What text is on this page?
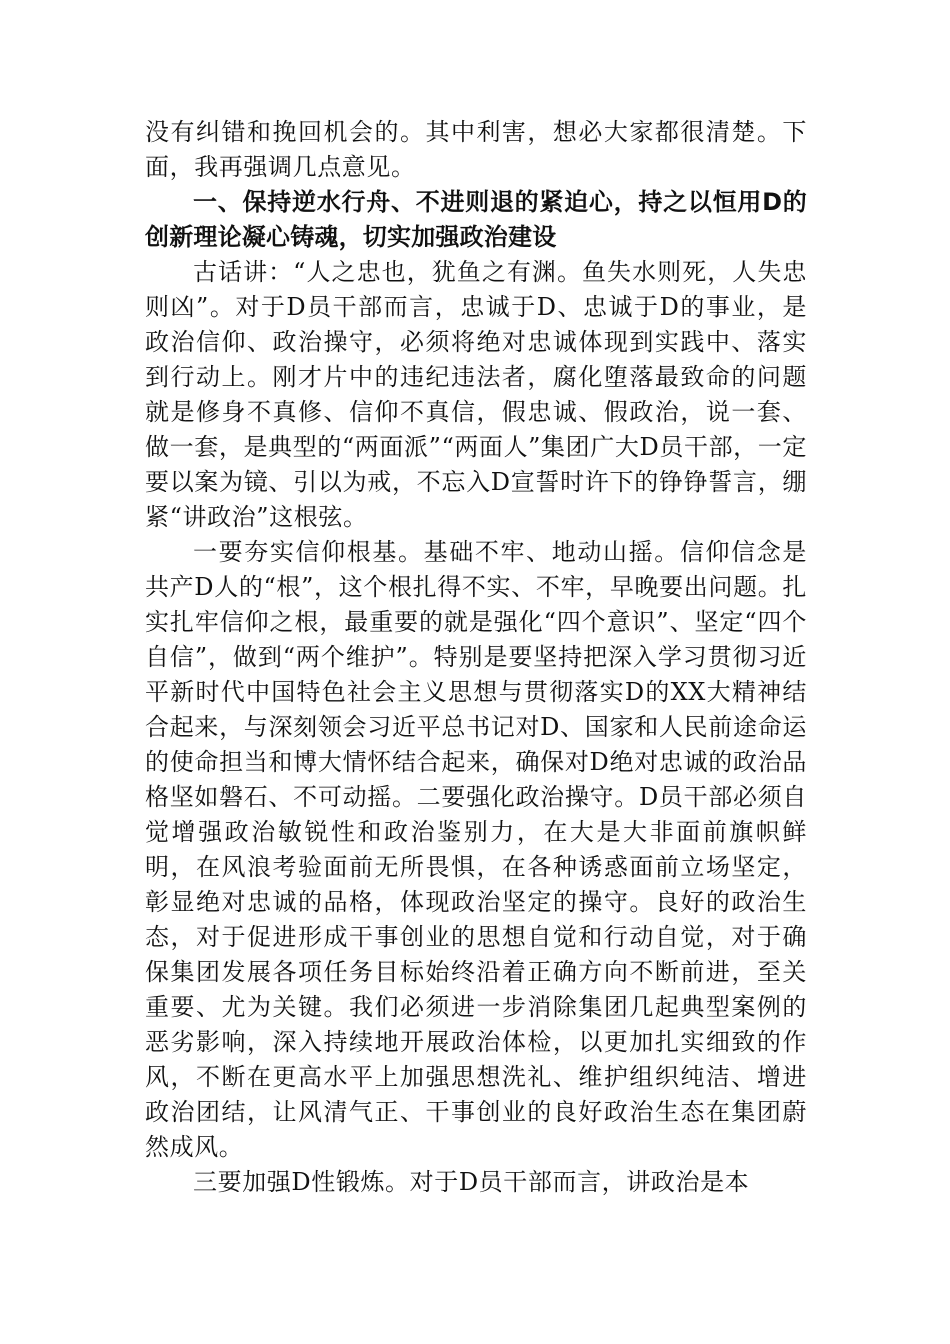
没有纠错和挽回机会的。其中利害，想必大家都很清楚。下面，我再强调几点意见。

一、保持逆水行舟、不进则退的紧迫心，持之以恒用D的创新理论凝心铸魂，切实加强政治建设

古话讲：“人之忠也，犹鱼之有渊。鱼失水则死，人失忠则凶”。对于D员干部而言，忠诚于D、忠诚于D的事业，是政治信仰、政治操守，必须将绝对忠诚体现到实践中、落实到行动上。刚才片中的违纪违法者，腐化堕落最致命的问题就是修身不真修、信仰不真信，假忠诚、假政治，说一套、做一套，是典型的“两面派”“两面人”集团广大D员干部，一定要以案为镜、引以为戒，不忘入D宣誓时许下的铮铮誓言，绷紧“讲政治”这根弦。

一要夯实信仰根基。基础不牢、地动山摇。信仰信念是共产D人的“根”，这个根扎得不实、不牢，早晚要出问题。扎实扎牢信仰之根，最重要的就是强化“四个意识”、坚定“四个自信”，做到“两个维护”。特别是要坚持把深入学习贯彻习近平新时代中国特色社会主义思想与贯彻落实D的XX大精神结合起来，与深刻领会习近平总书记对D、国家和人民前途命运的使命担当和博大情怀结合起来，确保对D绝对忠诚的政治品格坚如磐石、不可动摇。二要强化政治操守。D员干部必须自觉增强政治敏锐性和政治鉴别力，在大是大非面前旗帜鲜明，在风浪考验面前无所畏惧，在各种诱惑面前立场坚定，彰显绝对忠诚的品格，体现政治坚定的操守。良好的政治生态，对于促进形成干事创业的思想自觉和行动自觉，对于确保集团发展各项任务目标始终沿着正确方向不断前进，至关重要、尤为关键。我们必须进一步消除集团几起典型案例的恶劣影响，深入持续地开展政治体检，以更加扎实细致的作风，不断在更高水平上加强思想洗礼、维护组织纯洁、增进政治团结，让风清气正、干事创业的良好政治生态在集团蔚然成风。

三要加强D性锻炼。对于D员干部而言，讲政治是本
